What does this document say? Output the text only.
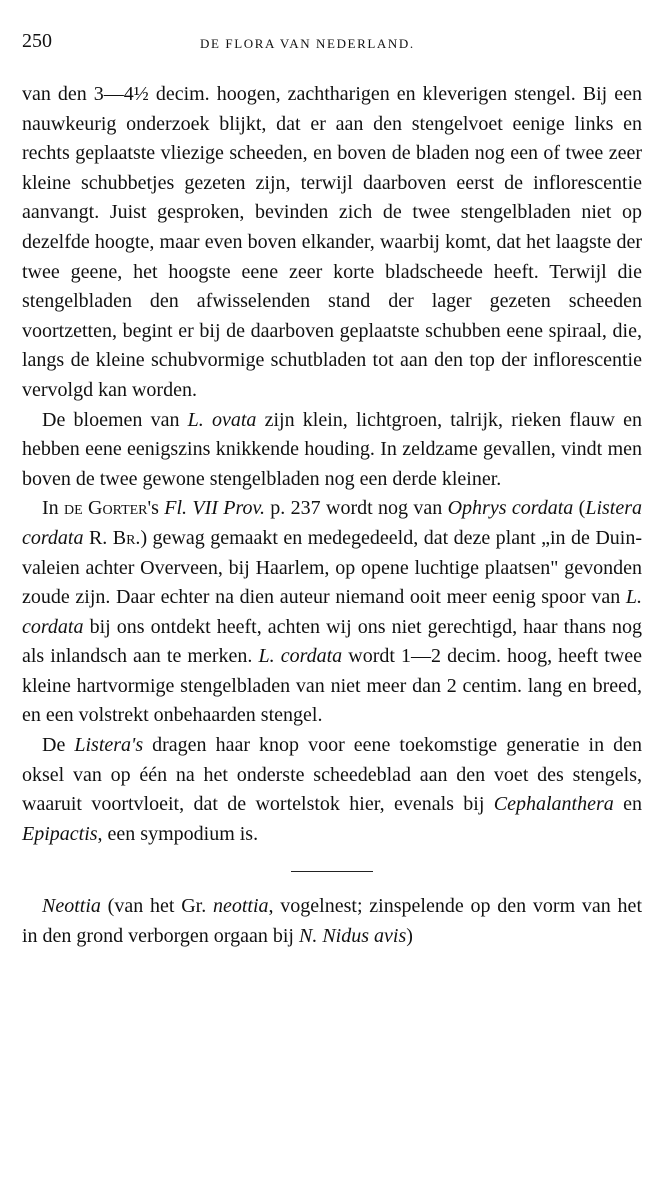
250	DE FLORA VAN NEDERLAND.

van den 3—4½ decim. hoogen, zachtharigen en kleverigen stengel. Bij een nauwkeurig onderzoek blijkt, dat er aan den stengelvoet eenige links en rechts geplaatste vliezige scheeden, en boven de bladen nog een of twee zeer kleine schubbetjes gezeten zijn, terwijl daarboven eerst de inflorescentie aanvangt. Juist gesproken, bevinden zich de twee stengelbladen niet op dezelfde hoogte, maar even boven elkander, waarbij komt, dat het laagste der twee geene, het hoogste eene zeer korte bladscheede heeft. Terwijl die stengelbladen den afwisselenden stand der lager gezeten scheeden voortzetten, begint er bij de daarboven geplaatste schubben eene spiraal, die, langs de kleine schubvormige schutbladen tot aan den top der inflorescentie vervolgd kan worden.

De bloemen van L. ovata zijn klein, lichtgroen, talrijk, rieken flauw en hebben eene eenigszins knikkende houding. In zeldzame gevallen, vindt men boven de twee gewone stengelbladen nog een derde kleiner.

In de Gorter's Fl. VII Prov. p. 237 wordt nog van Ophrys cordata (Listera cordata R. Br.) gewag gemaakt en medegedeeld, dat deze plant „in de Duin-valeien achter Overveen, bij Haarlem, op opene luchtige plaatsen" gevonden zoude zijn. Daar echter na dien auteur niemand ooit meer eenig spoor van L. cordata bij ons ontdekt heeft, achten wij ons niet gerechtigd, haar thans nog als inlandsch aan te merken. L. cordata wordt 1—2 decim. hoog, heeft twee kleine hartvormige stengelbladen van niet meer dan 2 centim. lang en breed, en een volstrekt onbehaarden stengel.

De Listera's dragen haar knop voor eene toekomstige generatie in den oksel van op één na het onderste scheedeblad aan den voet des stengels, waaruit voortvloeit, dat de wortelstok hier, evenals bij Cephalanthera en Epipactis, een sympodium is.

Neottia (van het Gr. neottia, vogelnest; zinspelende op den vorm van het in den grond verborgen orgaan bij N. Nidus avis)
